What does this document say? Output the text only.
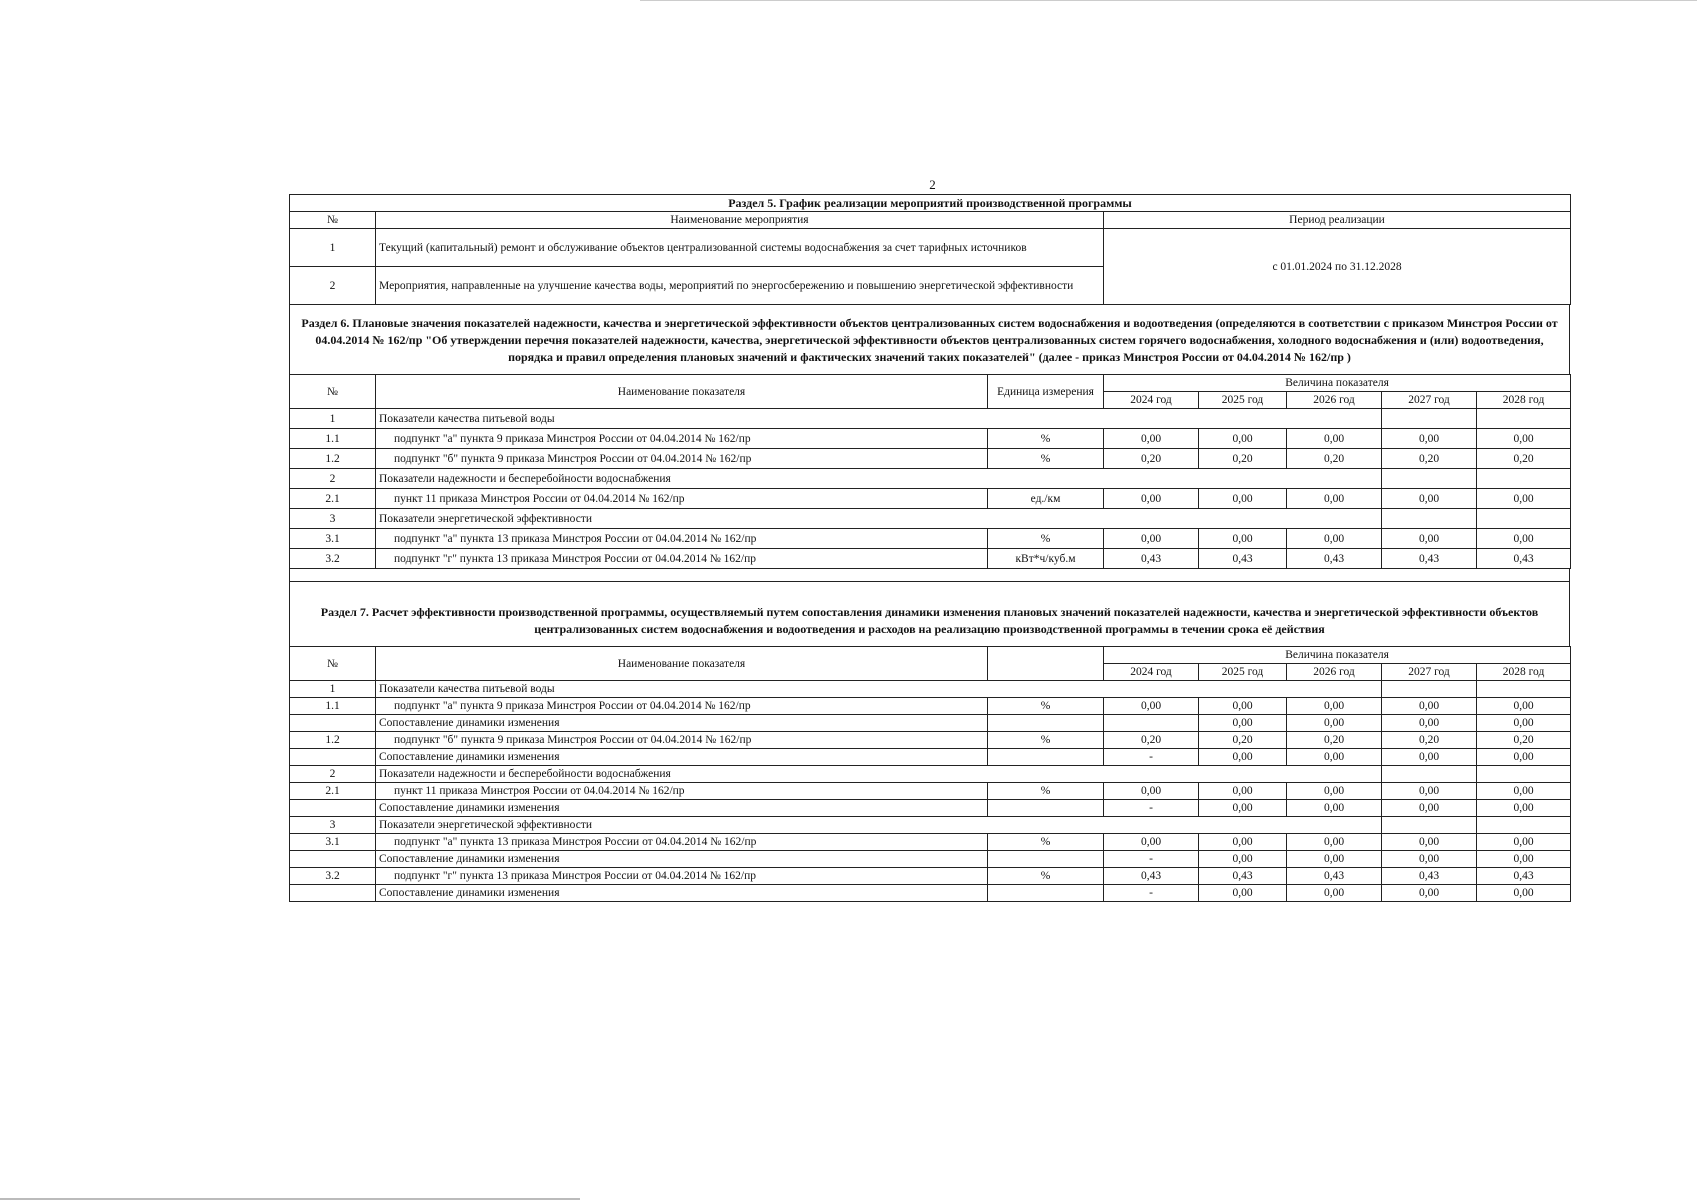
2
Раздел 5. График реализации мероприятий производственной программы		
№	Наименование мероприятия	Период реализации
1	Текущий (капитальный) ремонт и обслуживание объектов централизованной системы водоснабжения за счет тарифных источников	с 01.01.2024 по 31.12.2028
2	Мероприятия, направленные на улучшение качества воды, мероприятий по энергосбережению и повышению энергетической эффективности	
Раздел 6. Плановые значения показателей надежности, качества и энергетической эффективности объектов централизованных систем водоснабжения и водоотведения (определяются в соответствии с приказом Минстроя России от 04.04.2014 № 162/пр "Об утверждении перечня показателей надежности, качества, энергетической эффективности объектов централизованных систем горячего водоснабжения, холодного водоснабжения и (или) водоотведения, порядка и правил определения плановых значений и фактических значений таких показателей" (далее - приказ Минстроя России от 04.04.2014 № 162/пр )
№	Наименование показателя	Единица измерения	Величина показателя				
			2024 год	2025 год	2026 год	2027 год	2028 год
1	Показатели качества питьевой воды						
1.1	подпункт "а" пункта 9 приказа Минстроя России от 04.04.2014 № 162/пр	%	0,00	0,00	0,00	0,00	0,00
1.2	подпункт "б" пункта 9 приказа Минстроя России от 04.04.2014 № 162/пр	%	0,20	0,20	0,20	0,20	0,20
2	Показатели надежности и бесперебойности водоснабжения						
2.1	пункт 11 приказа Минстроя России от 04.04.2014 № 162/пр	ед./км	0,00	0,00	0,00	0,00	0,00
3	Показатели энергетической эффективности						
3.1	подпункт "а" пункта 13 приказа Минстроя России от 04.04.2014 № 162/пр	%	0,00	0,00	0,00	0,00	0,00
3.2	подпункт "г" пункта 13 приказа Минстроя России от 04.04.2014 № 162/пр	кВт*ч/куб.м	0,43	0,43	0,43	0,43	0,43
Раздел 7. Расчет эффективности производственной программы, осуществляемый путем сопоставления динамики изменения плановых значений показателей надежности, качества и энергетической эффективности объектов централизованных систем водоснабжения и водоотведения и расходов на реализацию производственной программы в течении срока её действия
№	Наименование показателя		Величина показателя				
			2024 год	2025 год	2026 год	2027 год	2028 год
1	Показатели качества питьевой воды						
1.1	подпункт "а" пункта 9 приказа Минстроя России от 04.04.2014 № 162/пр	%	0,00	0,00	0,00	0,00	0,00
	Сопоставление динамики изменения			0,00	0,00	0,00	0,00
1.2	подпункт "б" пункта 9 приказа Минстроя России от 04.04.2014 № 162/пр	%	0,20	0,20	0,20	0,20	0,20
	Сопоставление динамики изменения		-	0,00	0,00	0,00	0,00
2	Показатели надежности и бесперебойности водоснабжения						
2.1	пункт 11 приказа Минстроя России от 04.04.2014 № 162/пр	%	0,00	0,00	0,00	0,00	0,00
	Сопоставление динамики изменения		-	0,00	0,00	0,00	0,00
3	Показатели энергетической эффективности						
3.1	подпункт "а" пункта 13 приказа Минстроя России от 04.04.2014 № 162/пр	%	0,00	0,00	0,00	0,00	0,00
	Сопоставление динамики изменения		-	0,00	0,00	0,00	0,00
3.2	подпункт "г" пункта 13 приказа Минстроя России от 04.04.2014 № 162/пр	%	0,43	0,43	0,43	0,43	0,43
	Сопоставление динамики изменения		-	0,00	0,00	0,00	0,00
